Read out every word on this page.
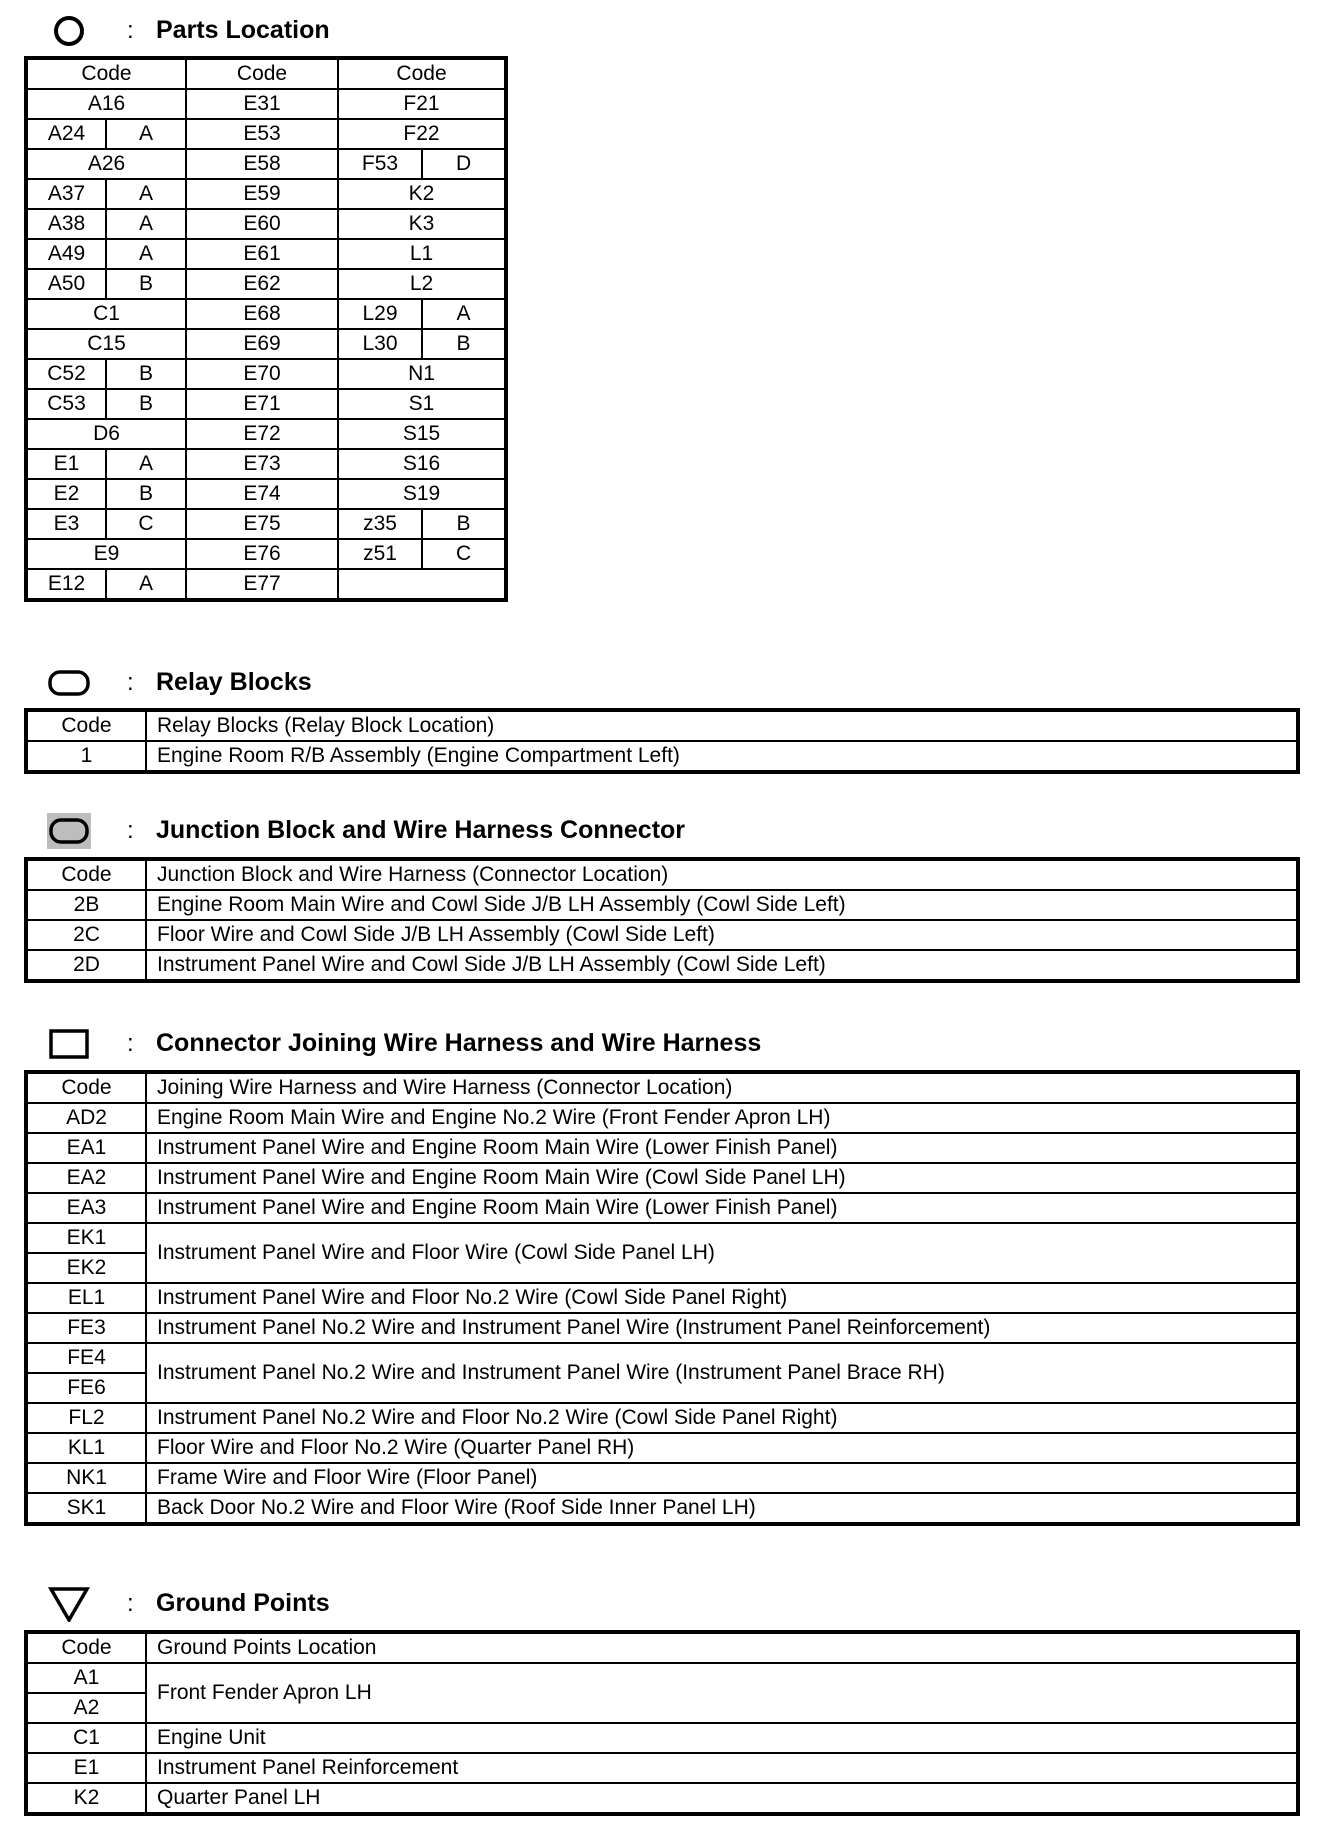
: Parts Location
Code		Code	Code	
A16		E31	F21	
A24	A	E53	F22	
A26		E58	F53	D
A37	A	E59	K2	
A38	A	E60	K3	
A49	A	E61	L1	
A50	B	E62	L2	
C1		E68	L29	A
C15		E69	L30	B
C52	B	E70	N1	
C53	B	E71	S1	
D6		E72	S15	
E1	A	E73	S16	
E2	B	E74	S19	
E3	C	E75	z35	B
E9		E76	z51	C
E12	A	E77		
: Relay Blocks
Code	Relay Blocks (Relay Block Location)
1	Engine Room R/B Assembly (Engine Compartment Left)
: Junction Block and Wire Harness Connector
Code	Junction Block and Wire Harness (Connector Location)
2B	Engine Room Main Wire and Cowl Side J/B LH Assembly (Cowl Side Left)
2C	Floor Wire and Cowl Side J/B LH Assembly (Cowl Side Left)
2D	Instrument Panel Wire and Cowl Side J/B LH Assembly (Cowl Side Left)
: Connector Joining Wire Harness and Wire Harness
Code	Joining Wire Harness and Wire Harness (Connector Location)
AD2	Engine Room Main Wire and Engine No.2 Wire (Front Fender Apron LH)
EA1	Instrument Panel Wire and Engine Room Main Wire (Lower Finish Panel)
EA2	Instrument Panel Wire and Engine Room Main Wire (Cowl Side Panel LH)
EA3	Instrument Panel Wire and Engine Room Main Wire (Lower Finish Panel)
EK1	Instrument Panel Wire and Floor Wire (Cowl Side Panel LH)
EK2	
EL1	Instrument Panel Wire and Floor No.2 Wire (Cowl Side Panel Right)
FE3	Instrument Panel No.2 Wire and Instrument Panel Wire (Instrument Panel Reinforcement)
FE4	Instrument Panel No.2 Wire and Instrument Panel Wire (Instrument Panel Brace RH)
FE6	
FL2	Instrument Panel No.2 Wire and Floor No.2 Wire (Cowl Side Panel Right)
KL1	Floor Wire and Floor No.2 Wire (Quarter Panel RH)
NK1	Frame Wire and Floor Wire (Floor Panel)
SK1	Back Door No.2 Wire and Floor Wire (Roof Side Inner Panel LH)
: Ground Points
Code	Ground Points Location
A1	Front Fender Apron LH
A2	
C1	Engine Unit
E1	Instrument Panel Reinforcement
K2	Quarter Panel LH
